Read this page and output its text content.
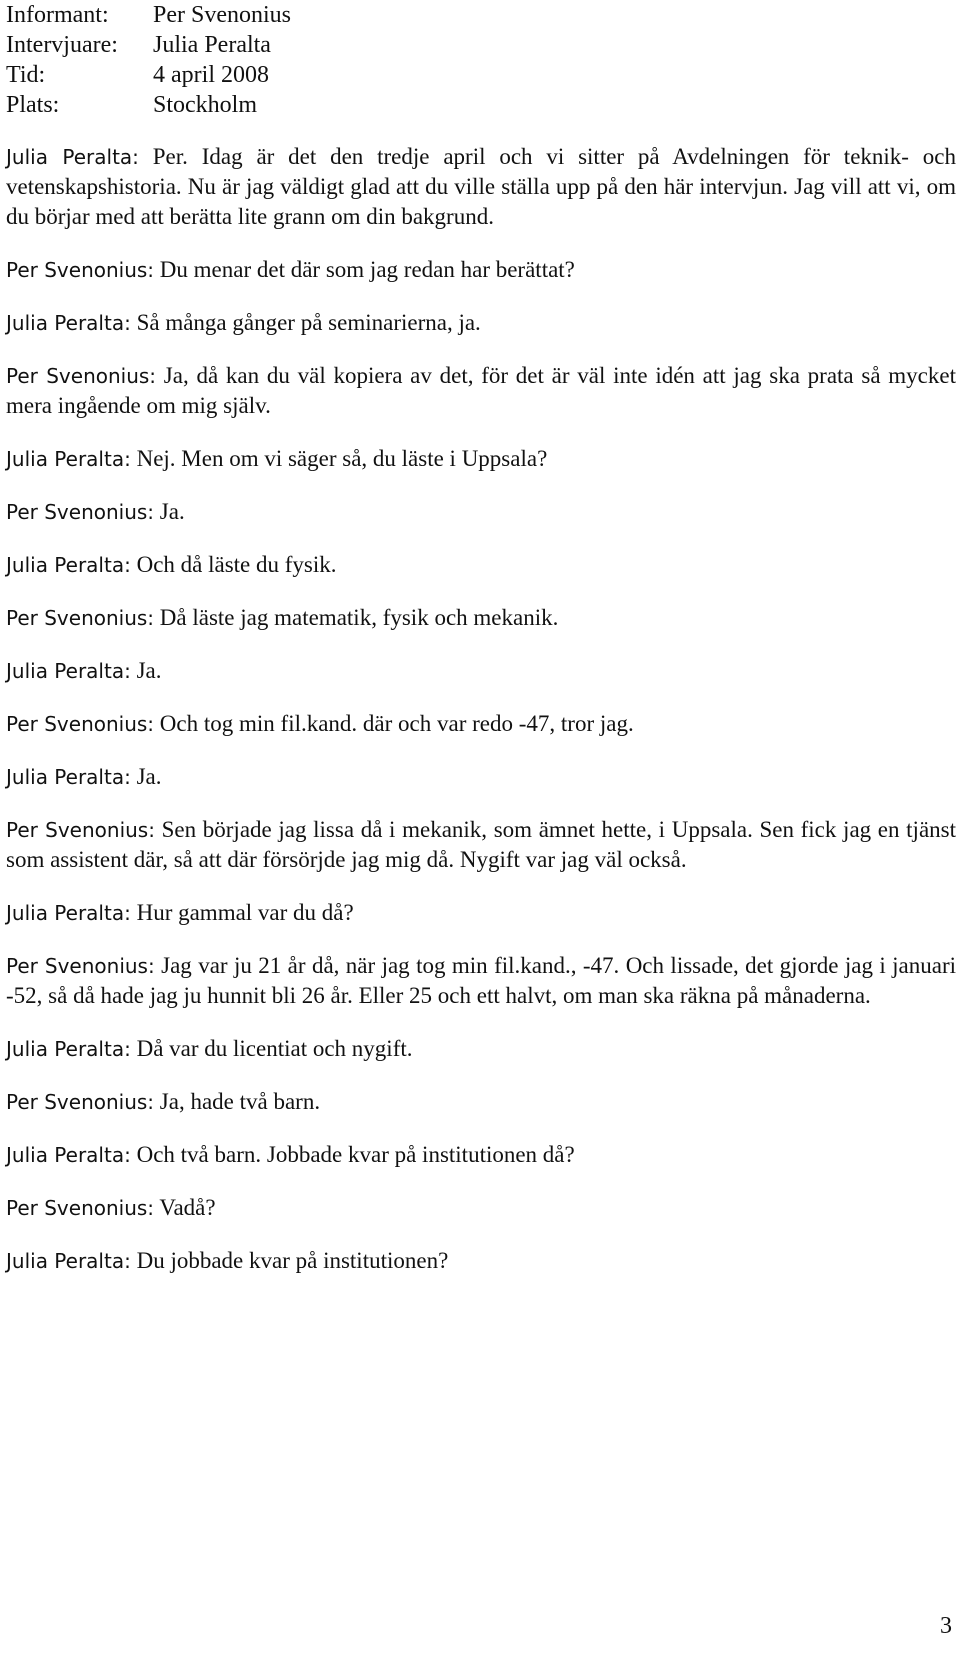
Informant:	Per Svenonius
Intervjuare:	Julia Peralta
Tid:	4 april 2008
Plats:	Stockholm

Julia Peralta: Per. Idag är det den tredje april och vi sitter på Avdelningen för teknik- och vetenskapshistoria. Nu är jag väldigt glad att du ville ställa upp på den här intervjun. Jag vill att vi, om du börjar med att berätta lite grann om din bakgrund.

Per Svenonius: Du menar det där som jag redan har berättat?

Julia Peralta: Så många gånger på seminarierna, ja.

Per Svenonius: Ja, då kan du väl kopiera av det, för det är väl inte idén att jag ska prata så mycket mera ingående om mig själv.

Julia Peralta: Nej. Men om vi säger så, du läste i Uppsala?

Per Svenonius: Ja.

Julia Peralta: Och då läste du fysik.

Per Svenonius: Då läste jag matematik, fysik och mekanik.

Julia Peralta: Ja.

Per Svenonius: Och tog min fil.kand. där och var redo -47, tror jag.

Julia Peralta: Ja.

Per Svenonius: Sen började jag lissa då i mekanik, som ämnet hette, i Uppsala. Sen fick jag en tjänst som assistent där, så att där försörjde jag mig då. Nygift var jag väl också.

Julia Peralta: Hur gammal var du då?

Per Svenonius: Jag var ju 21 år då, när jag tog min fil.kand., -47. Och lissade, det gjorde jag i januari -52, så då hade jag ju hunnit bli 26 år. Eller 25 och ett halvt, om man ska räkna på månaderna.

Julia Peralta: Då var du licentiat och nygift.

Per Svenonius: Ja, hade två barn.

Julia Peralta: Och två barn. Jobbade kvar på institutionen då?

Per Svenonius: Vadå?

Julia Peralta: Du jobbade kvar på institutionen?

3
